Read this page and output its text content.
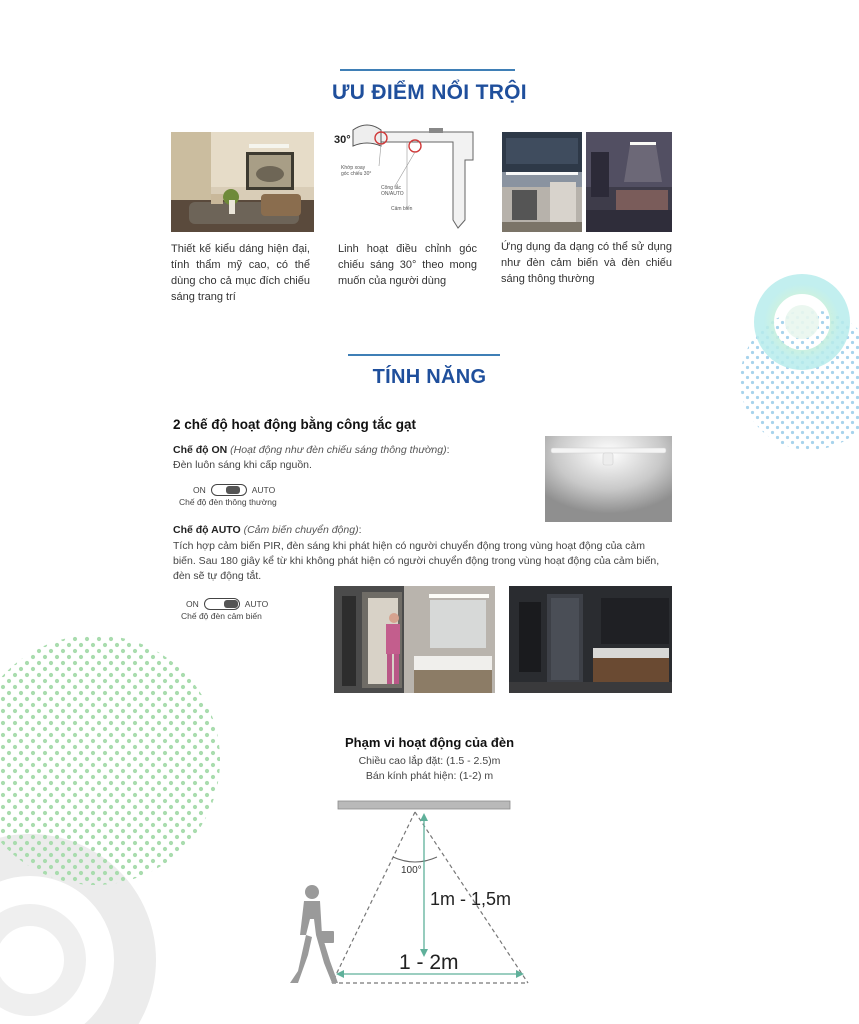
ƯU ĐIỂM NỔI TRỘI
30°
Khớp xoay
góc chiếu 30°
Công tắc
ON/AUTO
Cảm biến
Thiết kế kiểu dáng hiện đại, tính thẩm mỹ cao, có thể dùng cho cả mục đích chiếu sáng trang trí
Linh hoạt điều chỉnh góc chiếu sáng 30° theo mong muốn của người dùng
Ứng dụng đa dạng có thể sử dụng như đèn cảm biến và đèn chiếu sáng thông thường
TÍNH NĂNG
2 chế độ hoạt động bằng công tắc gạt
Chế độ ON (Hoạt động như đèn chiếu sáng thông thường):
Đèn luôn sáng khi cấp nguồn.
ON	AUTO
Chế độ đèn thông thường
Chế độ AUTO (Cảm biến chuyển động):
Tích hợp cảm biến PIR, đèn sáng khi phát hiện có người chuyển động trong vùng hoạt động của cảm
biến. Sau 180 giây kể từ khi không phát hiện có người chuyển động trong vùng hoạt động của cảm biến,
đèn sẽ tự động tắt.
ON	AUTO
Chế độ đèn cảm biến
Phạm vi hoạt động của đèn
Chiều cao lắp đặt: (1.5 - 2.5)m
Bán kính phát hiện: (1-2) m
100°
1m - 1,5m
1 - 2m
